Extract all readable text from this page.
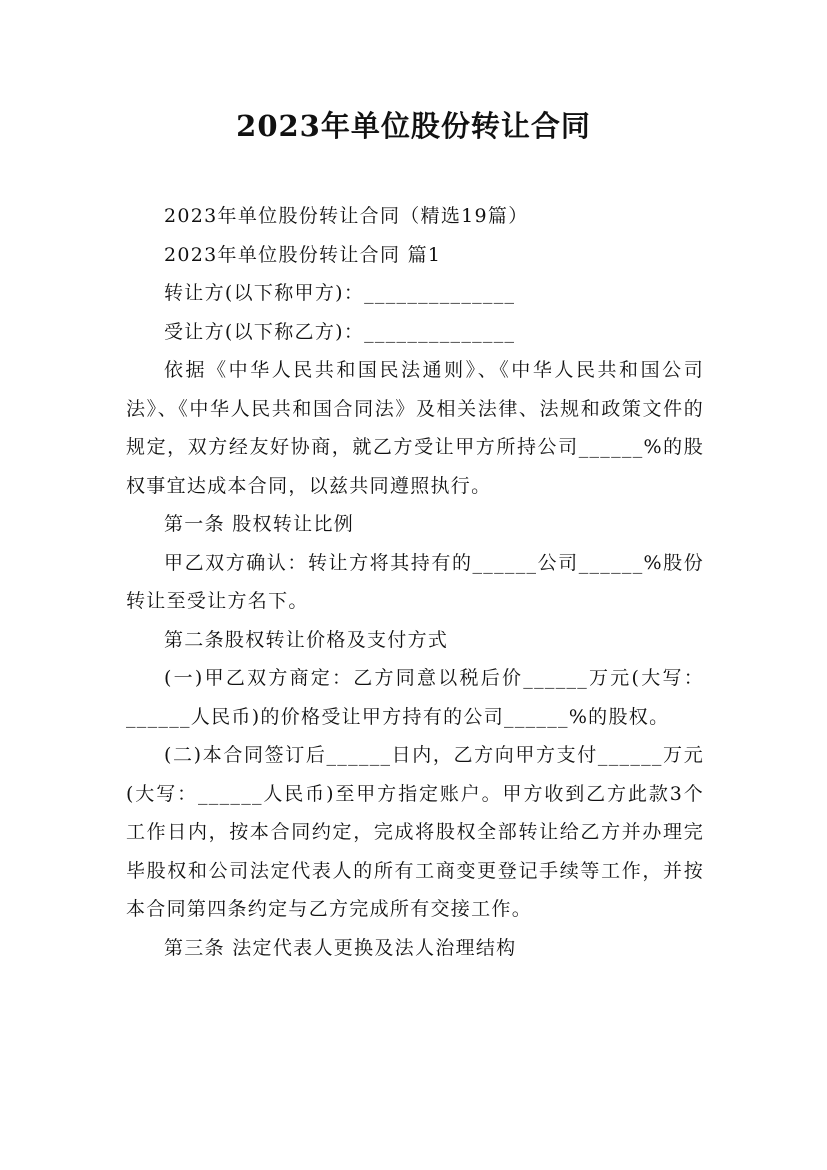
2023年单位股份转让合同

2023年单位股份转让合同（精选19篇）

2023年单位股份转让合同 篇1

转让方(以下称甲方)：______________

受让方(以下称乙方)：______________

依据《中华人民共和国民法通则》、《中华人民共和国公司法》、《中华人民共和国合同法》及相关法律、法规和政策文件的规定，双方经友好协商，就乙方受让甲方所持公司______%的股权事宜达成本合同，以兹共同遵照执行。

第一条 股权转让比例

甲乙双方确认：转让方将其持有的______公司______%股份转让至受让方名下。

第二条股权转让价格及支付方式

(一)甲乙双方商定：乙方同意以税后价______万元(大写：______人民币)的价格受让甲方持有的公司______%的股权。

(二)本合同签订后______日内，乙方向甲方支付______万元(大写：______人民币)至甲方指定账户。甲方收到乙方此款3个工作日内，按本合同约定，完成将股权全部转让给乙方并办理完毕股权和公司法定代表人的所有工商变更登记手续等工作，并按本合同第四条约定与乙方完成所有交接工作。

第三条 法定代表人更换及法人治理结构
